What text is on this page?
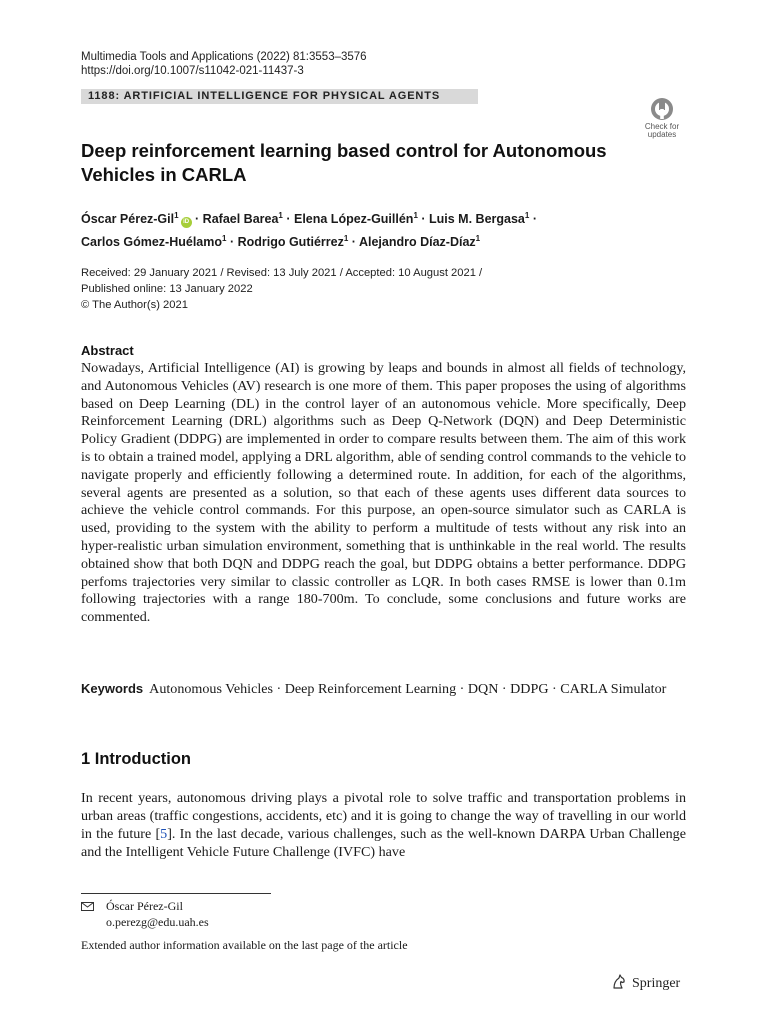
Multimedia Tools and Applications (2022) 81:3553–3576
https://doi.org/10.1007/s11042-021-11437-3
1188: ARTIFICIAL INTELLIGENCE FOR PHYSICAL AGENTS
Check for
updates
Deep reinforcement learning based control for Autonomous Vehicles in CARLA
Óscar Pérez-Gil$^1$iD · Rafael Barea$^1$ · Elena López-Guillén$^1$ · Luis M. Bergasa$^1$ ·
Carlos Gómez-Huélamo$^1$ · Rodrigo Gutiérrez$^1$ · Alejandro Díaz-Díaz$^1$
Received: 29 January 2021 / Revised: 13 July 2021 / Accepted: 10 August 2021 /
Published online: 13 January 2022
© The Author(s) 2021
Abstract

Nowadays, Artificial Intelligence (AI) is growing by leaps and bounds in almost all fields of technology, and Autonomous Vehicles (AV) research is one more of them. This paper proposes the using of algorithms based on Deep Learning (DL) in the control layer of an autonomous vehicle. More specifically, Deep Reinforcement Learning (DRL) algorithms such as Deep Q-Network (DQN) and Deep Deterministic Policy Gradient (DDPG) are implemented in order to compare results between them. The aim of this work is to obtain a trained model, applying a DRL algorithm, able of sending control commands to the vehicle to navigate properly and efficiently following a determined route. In addition, for each of the algorithms, several agents are presented as a solution, so that each of these agents uses different data sources to achieve the vehicle control commands. For this purpose, an open-source simulator such as CARLA is used, providing to the system with the ability to perform a multitude of tests without any risk into an hyper-realistic urban simulation environment, something that is unthinkable in the real world. The results obtained show that both DQN and DDPG reach the goal, but DDPG obtains a better performance. DDPG perfoms trajectories very similar to classic controller as LQR. In both cases RMSE is lower than 0.1m following trajectories with a range 180-700m. To conclude, some conclusions and future works are commented.

Keywords Autonomous Vehicles · Deep Reinforcement Learning · DQN · DDPG · CARLA Simulator
1 Introduction

In recent years, autonomous driving plays a pivotal role to solve traffic and transportation problems in urban areas (traffic congestions, accidents, etc) and it is going to change the way of travelling in our world in the future [5]. In the last decade, various challenges, such as the well-known DARPA Urban Challenge and the Intelligent Vehicle Future Challenge (IVFC) have

Óscar Pérez-Gil
o.perezg@edu.uah.es
Extended author information available on the last page of the article
Springer
